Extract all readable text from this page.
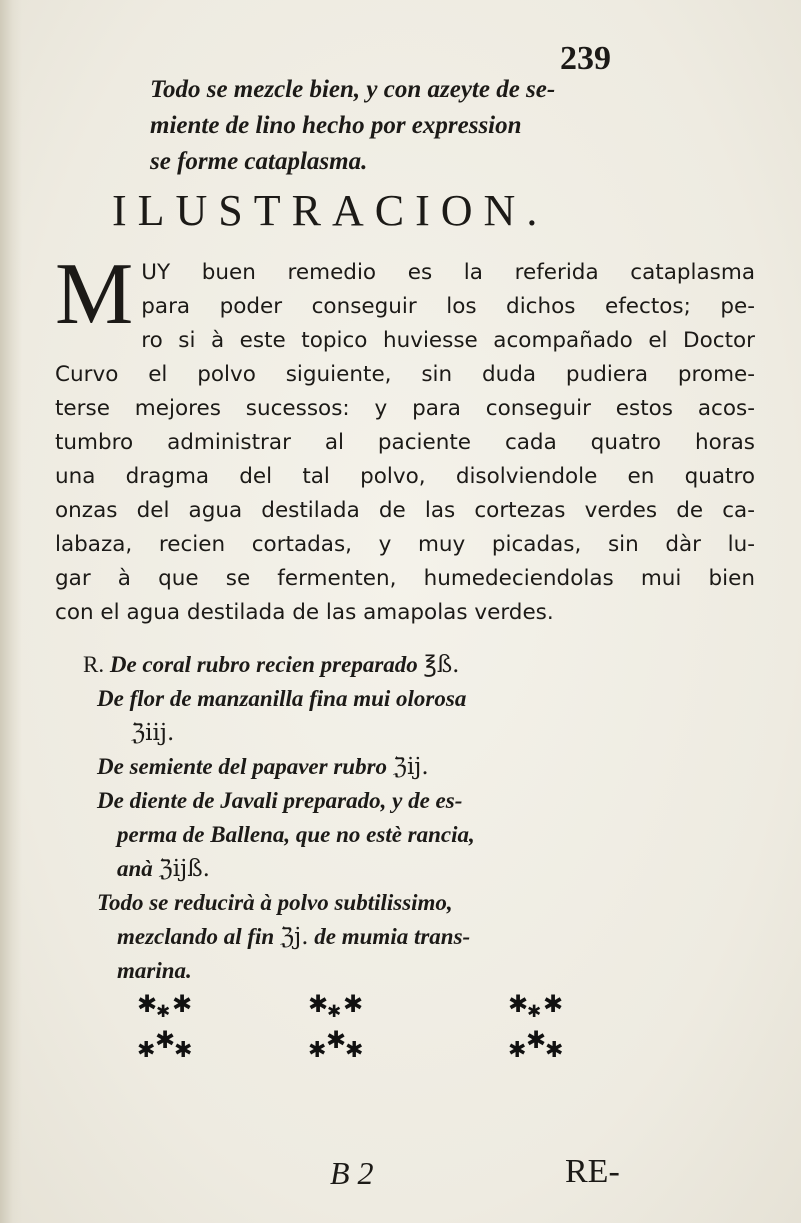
239
Todo se mezcle bien, y con azeyte de se-
miente de lino hecho por expression
se forme cataplasma.
ILUSTRACION.
M UY buen remedio es la referida cataplasma
para poder conseguir los dichos efectos; pe-
ro si à este topico huviesse acompañado el Doctor
Curvo el polvo siguiente, sin duda pudiera prome-
terse mejores sucessos: y para conseguir estos acos-
tumbro administrar al paciente cada quatro horas
una dragma del tal polvo, disolviendole en quatro
onzas del agua destilada de las cortezas verdes de ca-
labaza, recien cortadas, y muy picadas, sin dàr lu-
gar à que se fermenten, humedeciendolas mui bien
con el agua destilada de las amapolas verdes.
R. De coral rubro recien preparado ℥ß.
De flor de manzanilla fina mui olorosa
ℨiij.
De semiente del papaver rubro ℨij.
De diente de Javali preparado, y de es-
perma de Ballena, que no estè rancia,
anà ℨijß.
Todo se reducirà à polvo subtilissimo,
mezclando al fin ℨj. de mumia trans-
marina.
✱
✱ ✱
✱ ✱
✱
✱
✱ ✱
✱ ✱
✱
✱
✱ ✱
✱ ✱
✱
B 2	RE-
